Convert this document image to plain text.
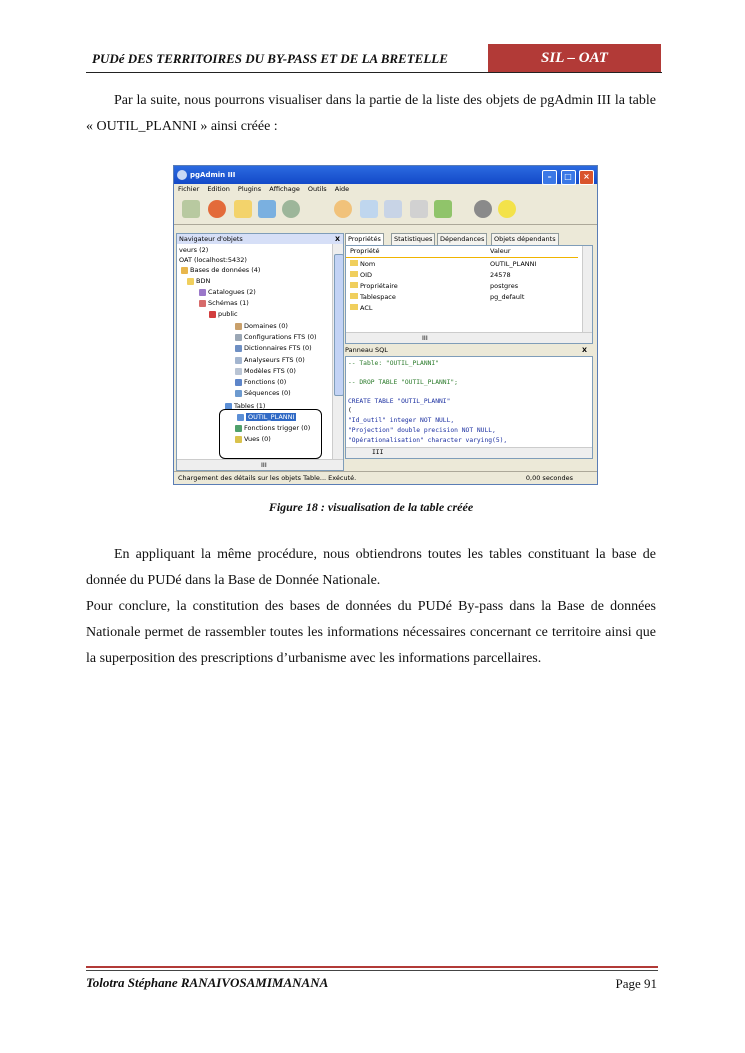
PUDé DES TERRITOIRES DU BY-PASS ET DE LA BRETELLE	SIL – OAT
Par la suite, nous pourrons visualiser dans la partie de la liste des objets de pgAdmin III la table « OUTIL_PLANNI » ainsi créée :
pgAdmin III	– □ ×
Fichier Edition Plugins Affichage Outils Aide
Navigateur d'objets	X
veurs (2)
OAT (localhost:5432)
Bases de données (4)
BDN
Catalogues (2)
Schémas (1)
public
Domaines (0)
Configurations FTS (0)
Dictionnaires FTS (0)
Analyseurs FTS (0)
Modèles FTS (0)
Fonctions (0)
Séquences (0)
Tables (1)
OUTIL_PLANNI
Fonctions trigger (0)
Vues (0)
III
Propriétés	Statistiques	Dépendances	Objets dépendants
Propriété	Valeur
Nom	OUTIL_PLANNI
OID	24578
Propriétaire	postgres
Tablespace	pg_default
ACL
III
Panneau SQL	X
-- Table: "OUTIL_PLANNI"
-- DROP TABLE "OUTIL_PLANNI";
CREATE TABLE "OUTIL_PLANNI"
(
"Id_outil" integer NOT NULL,
"Projection" double precision NOT NULL,
"Opérationalisation" character varying(5),
III
Chargement des détails sur les objets Table... Exécuté.	0,00 secondes
Figure 18 : visualisation de la table créée
En appliquant la même procédure, nous obtiendrons toutes les tables constituant la base de donnée du PUDé dans la Base de Donnée Nationale.
Pour conclure, la constitution des bases de données du PUDé By-pass dans la Base de données Nationale permet de rassembler toutes les informations nécessaires concernant ce territoire ainsi que la superposition des prescriptions d’urbanisme avec les informations parcellaires.
Tolotra Stéphane RANAIVOSAMIMANANA	Page 91
